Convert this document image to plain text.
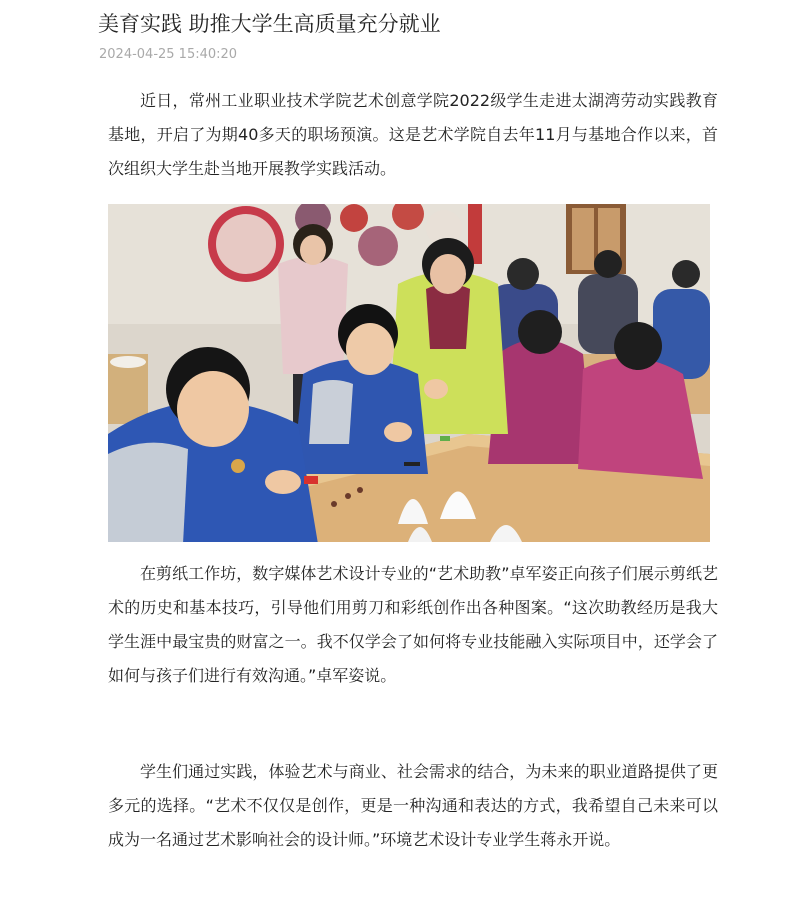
美育实践 助推大学生高质量充分就业
2024-04-25 15:40:20

近日，常州工业职业技术学院艺术创意学院2022级学生走进太湖湾劳动实践教育基地，开启了为期40多天的职场预演。这是艺术学院自去年11月与基地合作以来，首次组织大学生赴当地开展教学实践活动。

在剪纸工作坊，数字媒体艺术设计专业的“艺术助教”卓军姿正向孩子们展示剪纸艺术的历史和基本技巧，引导他们用剪刀和彩纸创作出各种图案。“这次助教经历是我大学生涯中最宝贵的财富之一。我不仅学会了如何将专业技能融入实际项目中，还学会了如何与孩子们进行有效沟通。”卓军姿说。

学生们通过实践，体验艺术与商业、社会需求的结合，为未来的职业道路提供了更多元的选择。“艺术不仅仅是创作，更是一种沟通和表达的方式，我希望自己未来可以成为一名通过艺术影响社会的设计师。”环境艺术设计专业学生蒋永开说。
